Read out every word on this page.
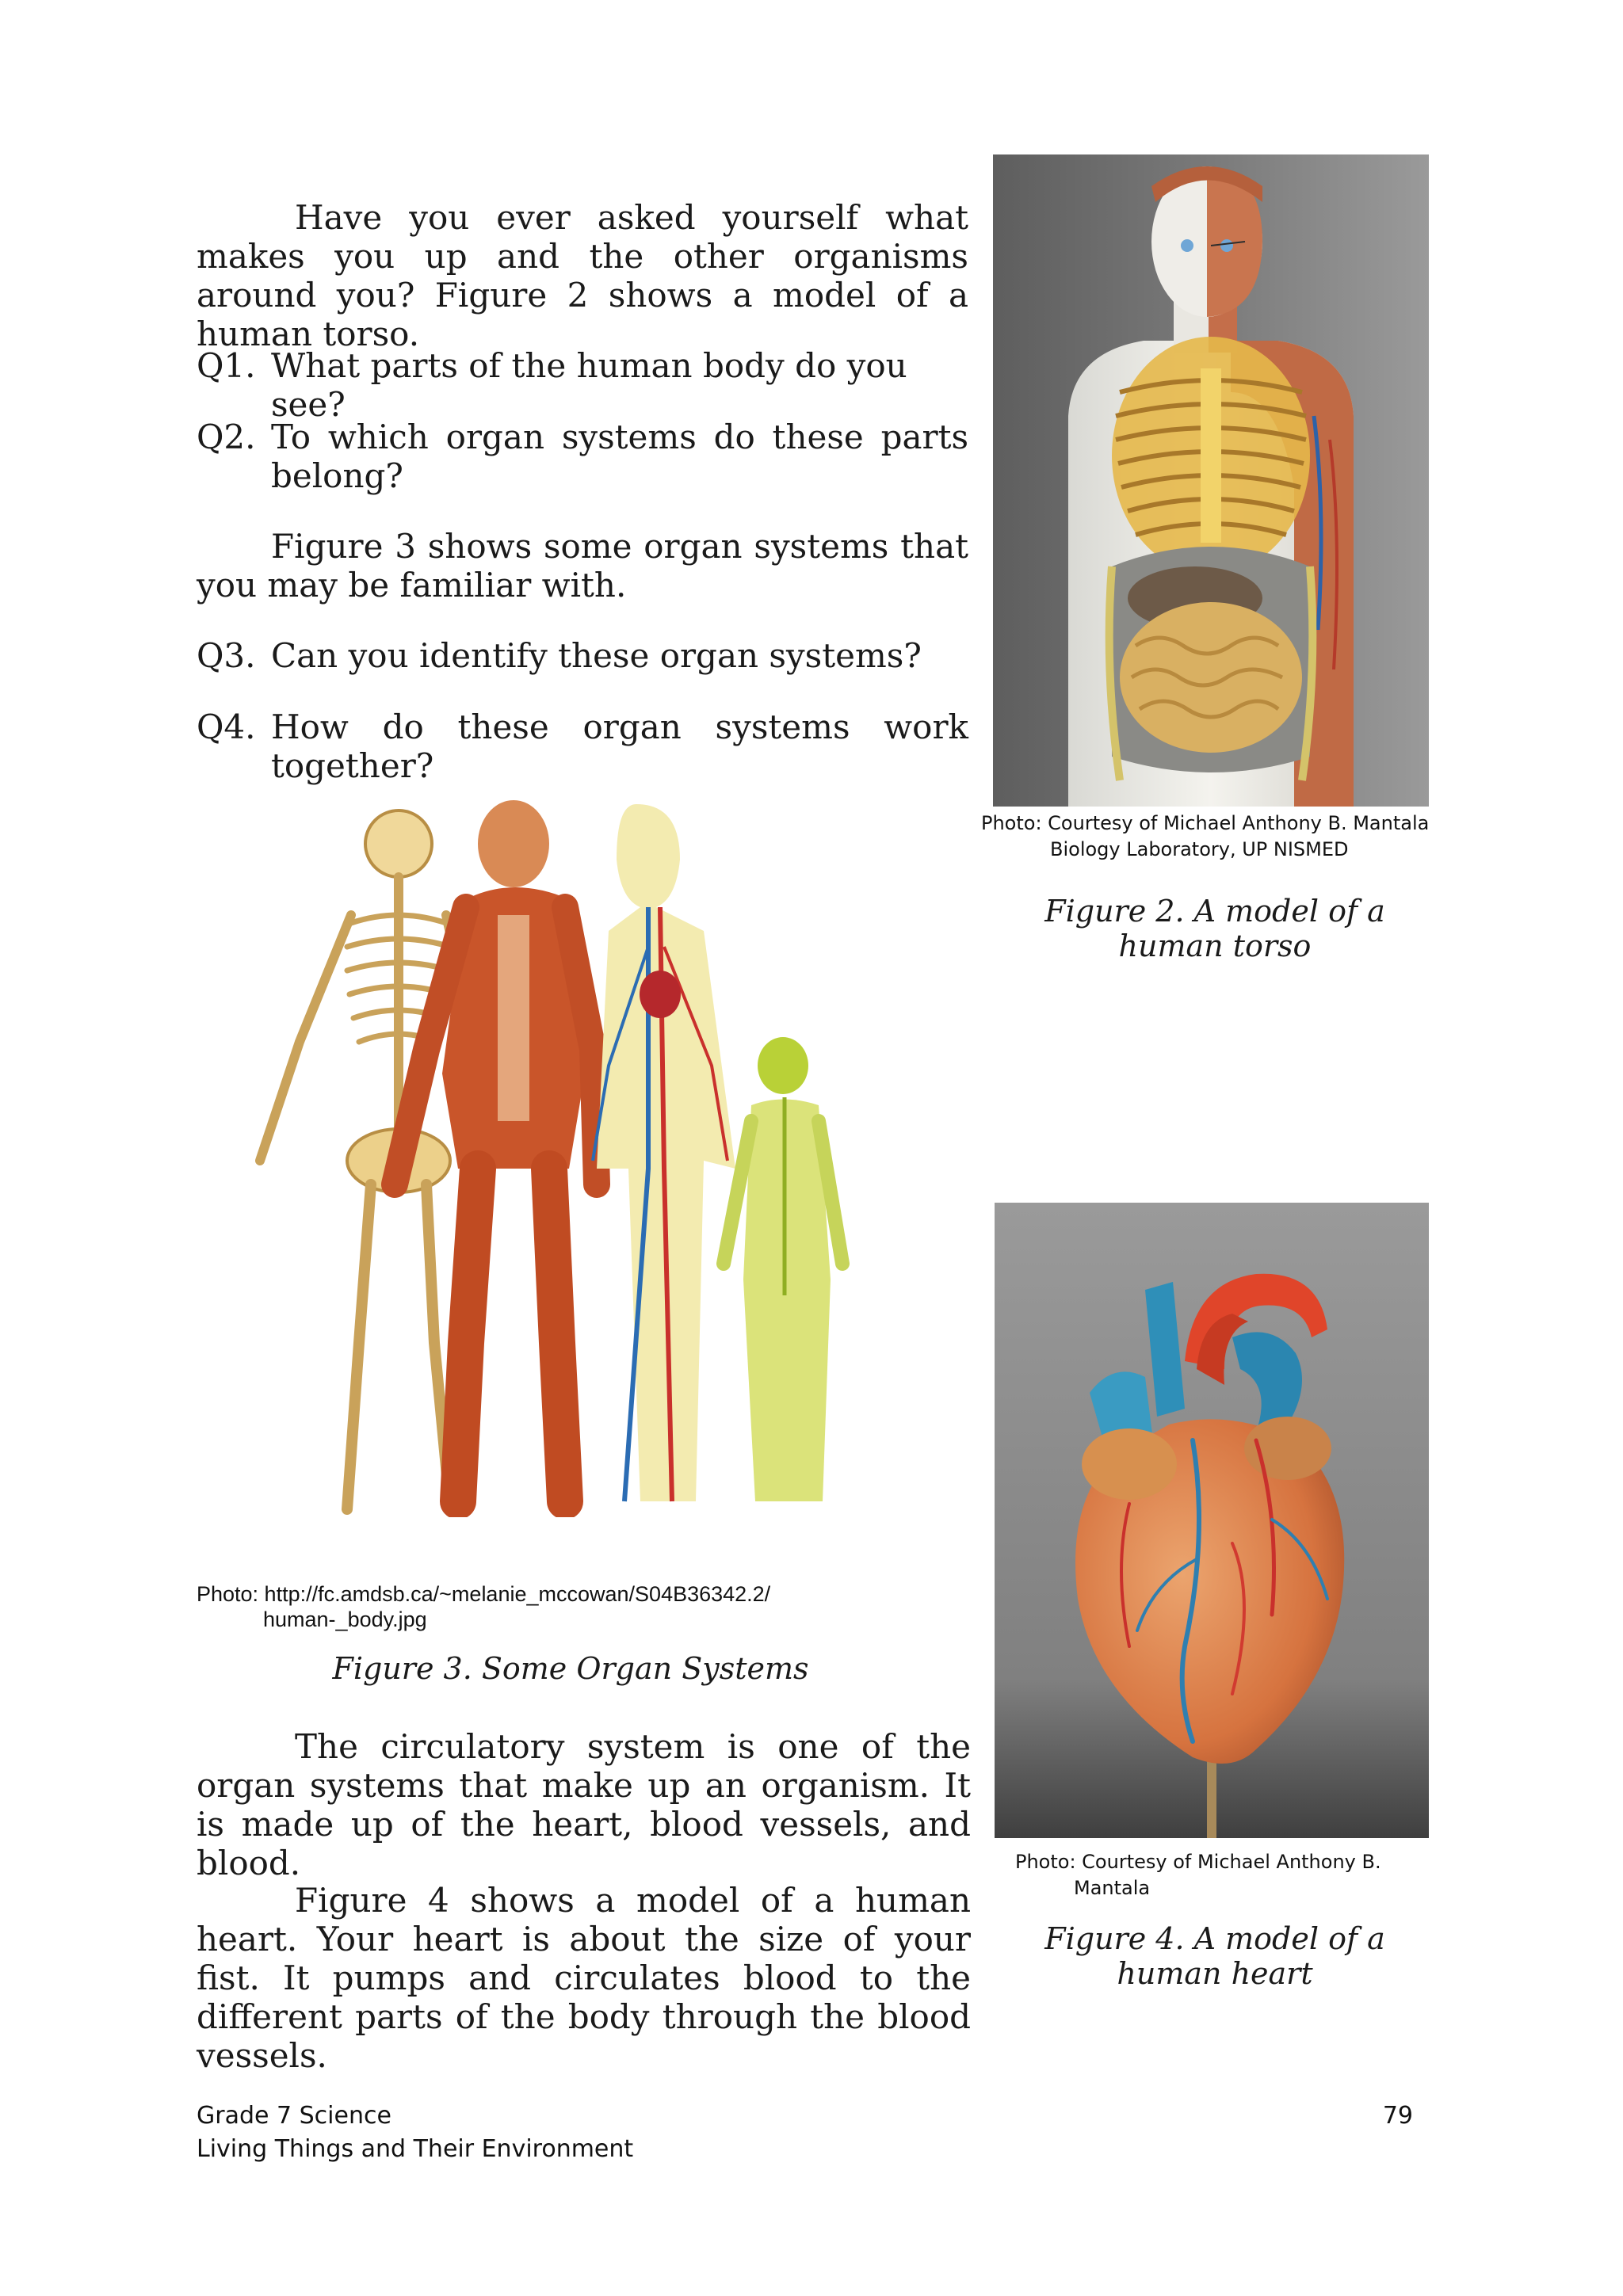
Have you ever asked yourself what makes you up and the other organisms around you? Figure 2 shows a model of a human torso.

Q1. What parts of the human body do you see?
Q2. To which organ systems do these parts belong?

Figure 3 shows some organ systems that you may be familiar with.

Q3. Can you identify these organ systems?
Q4. How do these organ systems work together?
Photo: Courtesy of Michael Anthony B. Mantala
Biology Laboratory, UP NISMED
Figure 2. A model of a
human torso
Photo: http://fc.amdsb.ca/~melanie_mccowan/S04B36342.2/
human-_body.jpg
Figure 3. Some Organ Systems

The circulatory system is one of the organ systems that make up an organism. It is made up of the heart, blood vessels, and blood.

Figure 4 shows a model of a human heart. Your heart is about the size of your fist. It pumps and circulates blood to the different parts of the body through the blood vessels.

Photo: Courtesy of Michael Anthony B.
Mantala
Figure 4. A model of a
human heart
Grade 7 Science
Living Things and Their Environment
79
